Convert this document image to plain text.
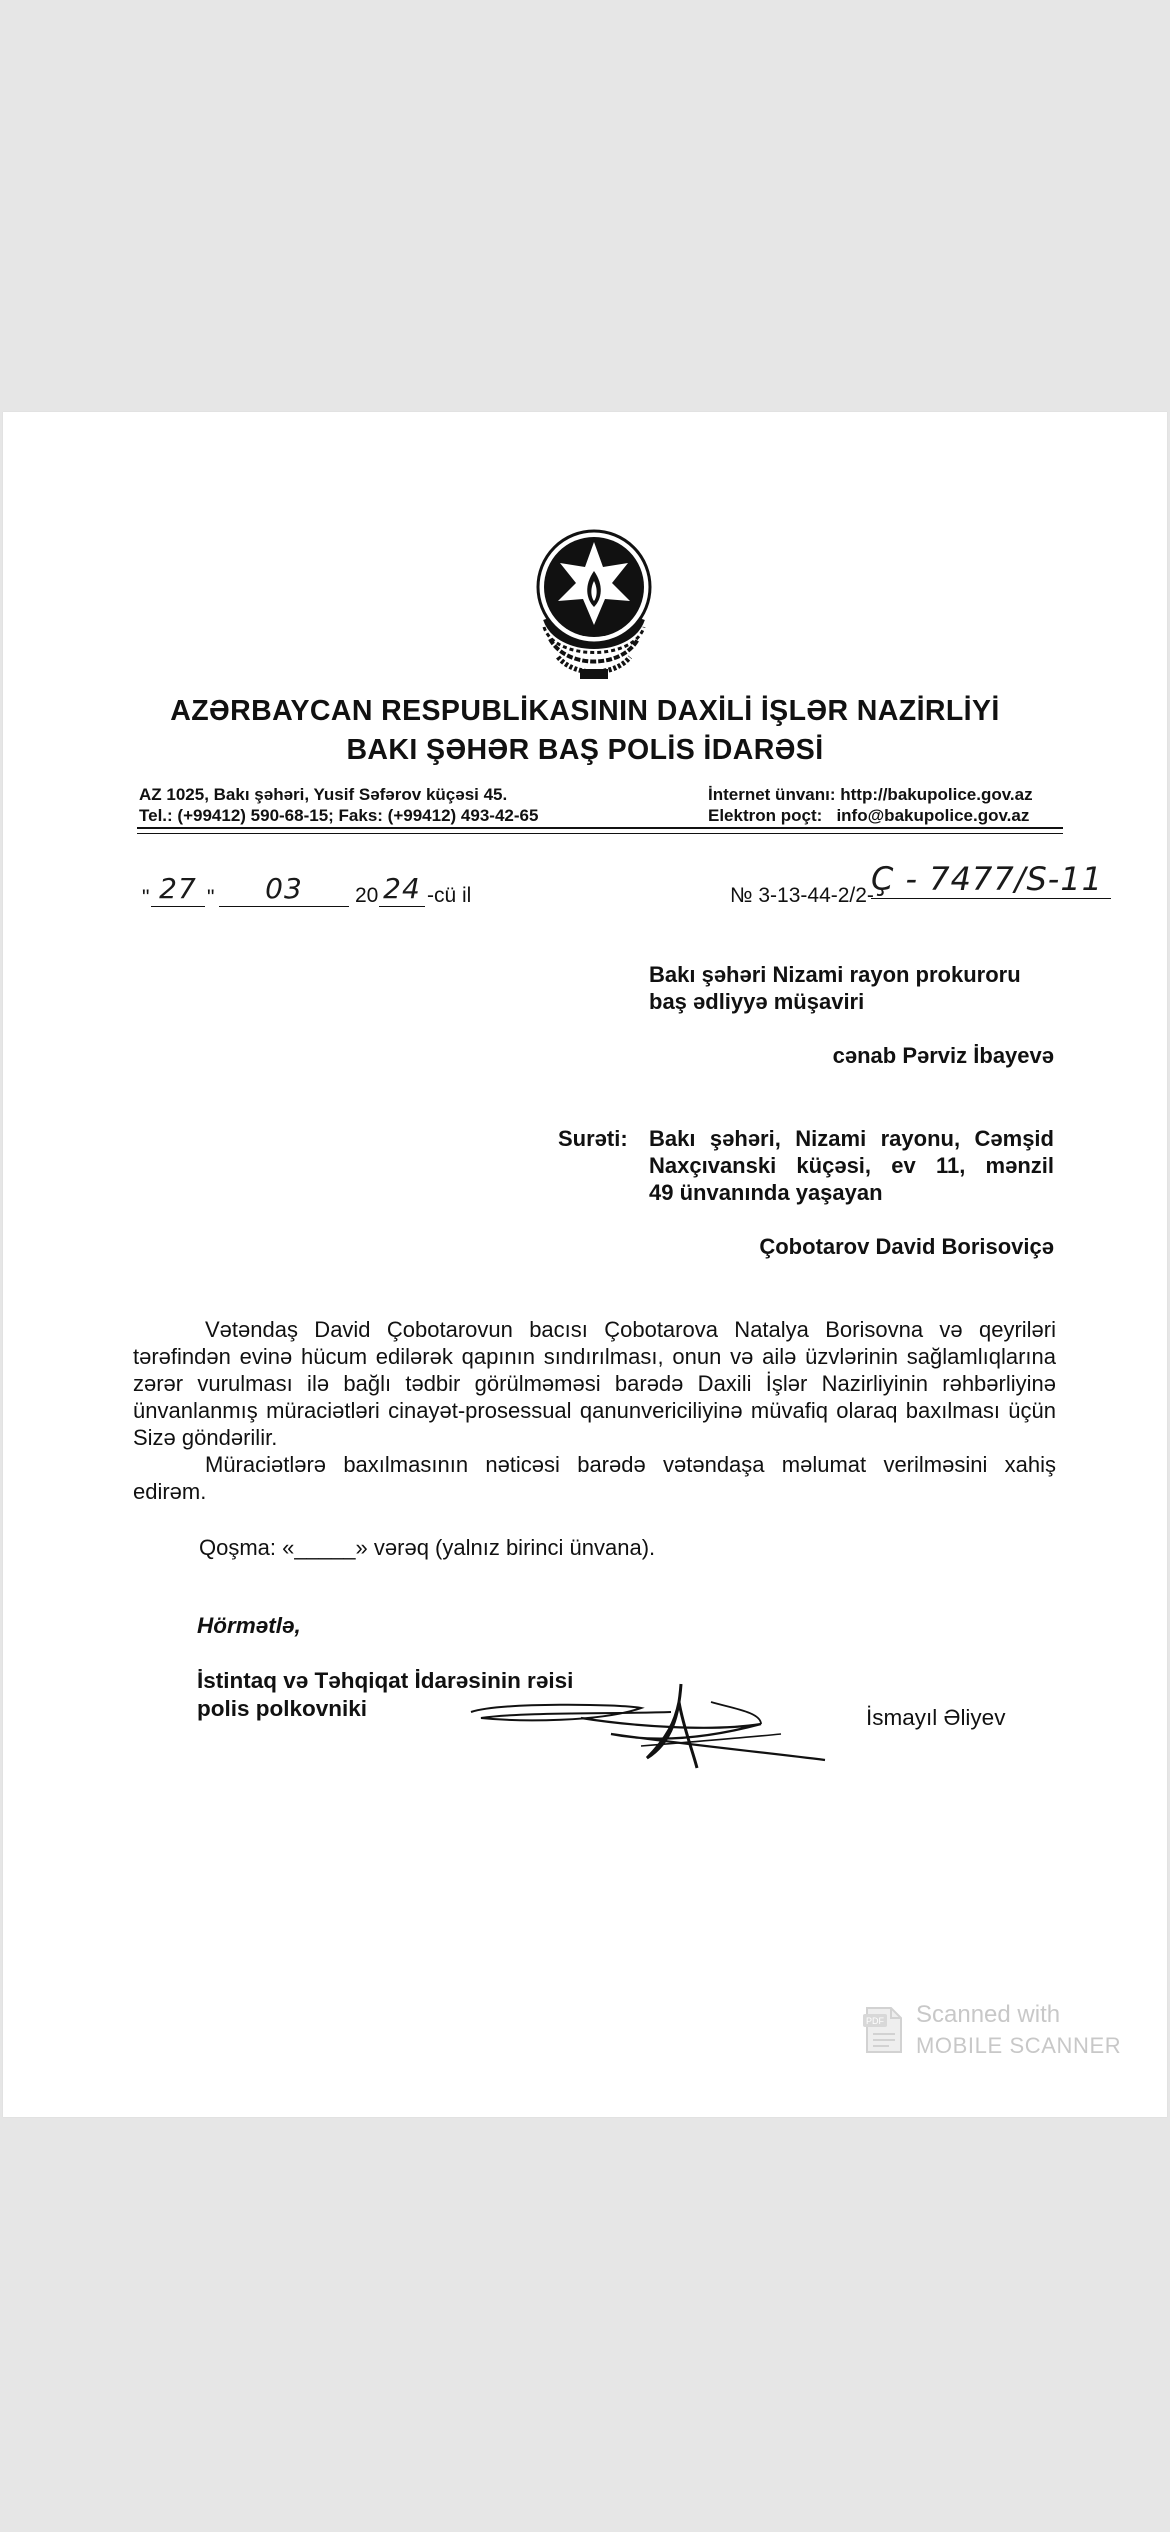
AZƏRBAYCAN RESPUBLİKASININ DAXİLİ İŞLƏR NAZİRLİYİ
BAKI ŞƏHƏR BAŞ POLİS İDARƏSİ
AZ 1025, Bakı şəhəri, Yusif Səfərov küçəsi 45.
Tel.: (+99412) 590-68-15; Faks: (+99412) 493-42-65
İnternet ünvanı: http://bakupolice.gov.az
Elektron poçt:   info@bakupolice.gov.az
" 27 "	03	20 24 -cü il	№ 3-13-44-2/2-
Ç - 7477/S-11
Bakı şəhəri Nizami rayon prokuroru
baş ədliyyə müşaviri
cənab Pərviz İbayevə
Surəti: Bakı şəhəri, Nizami rayonu, Cəmşid
Naxçıvanski küçəsi, ev 11, mənzil
49 ünvanında yaşayan
Çobotarov David Borisoviçə
Vətəndaş David Çobotarovun bacısı Çobotarova Natalya Borisovna və qeyriləri tərəfindən evinə hücum edilərək qapının sındırılması, onun və ailə üzvlərinin sağlamlıqlarına zərər vurulması ilə bağlı tədbir görülməməsi barədə Daxili İşlər Nazirliyinin rəhbərliyinə ünvanlanmış müraciətləri cinayət-prosessual qanunvericiliyinə müvafiq olaraq baxılması üçün Sizə göndərilir.
Müraciətlərə baxılmasının nəticəsi barədə vətəndaşa məlumat verilməsini xahiş edirəm.
Qoşma: «_____» vərəq (yalnız birinci ünvana).
Hörmətlə,
İstintaq və Təhqiqat İdarəsinin rəisi
polis polkovniki	İsmayıl Əliyev
PDF Scanned with
MOBILE SCANNER
